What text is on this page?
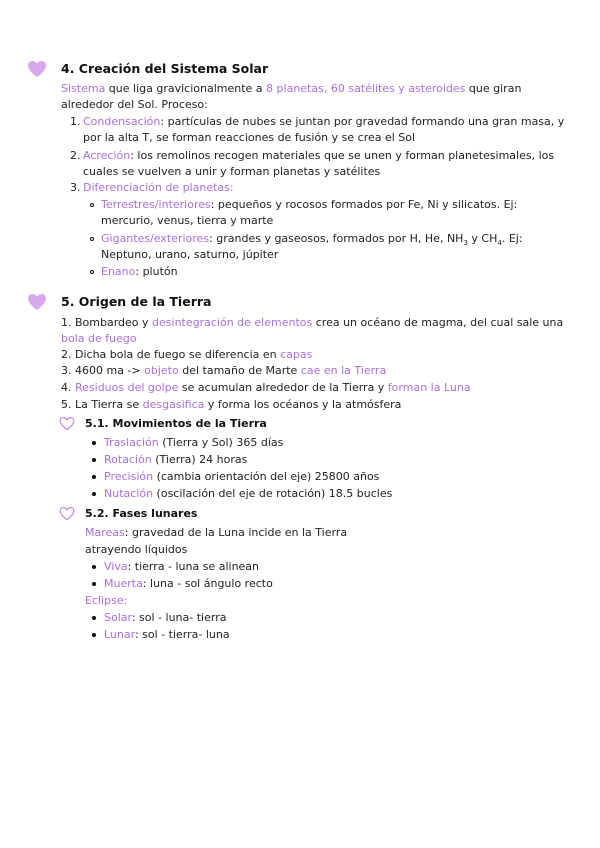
4. Creación del Sistema Solar
Sistema que liga gravicionalmente a 8 planetas, 60 satélites y asteroides que giran
alrededor del Sol. Proceso:
1. Condensación: partículas de nubes se juntan por gravedad formando una gran masa, y
por la alta T, se forman reacciones de fusión y se crea el Sol
2. Acreción: los remolinos recogen materiales que se unen y forman planetesimales, los
cuales se vuelven a unir y forman planetas y satélites
3. Diferenciación de planetas:
Terrestres/interiores: pequeños y rocosos formados por Fe, Ni y silicatos. Ej:
mercurio, venus, tierra y marte
Gigantes/exteriores: grandes y gaseosos, formados por H, He, $NH_3$ y $CH_4$. Ej:
Neptuno, urano, saturno, júpiter
Enano: plutón
5. Origen de la Tierra
1. Bombardeo y desintegración de elementos crea un océano de magma, del cual sale una
bola de fuego
2. Dicha bola de fuego se diferencia en capas
3. 4600 ma -> objeto del tamaño de Marte cae en la Tierra
4. Residuos del golpe se acumulan alrededor de la Tierra y forman la Luna
5. La Tierra se desgasifica y forma los océanos y la atmósfera
5.1. Movimientos de la Tierra
Traslación (Tierra y Sol) 365 días
Rotación (Tierra) 24 horas
Precisión (cambia orientación del eje) 25800 años
Nutación (oscilación del eje de rotación) 18.5 bucles
5.2. Fases lunares
Mareas: gravedad de la Luna incide en la Tierra
atrayendo líquidos
Viva: tierra - luna se alinean
Muerta: luna - sol ángulo recto
Eclipse:
Solar: sol - luna- tierra
Lunar: sol - tierra- luna
